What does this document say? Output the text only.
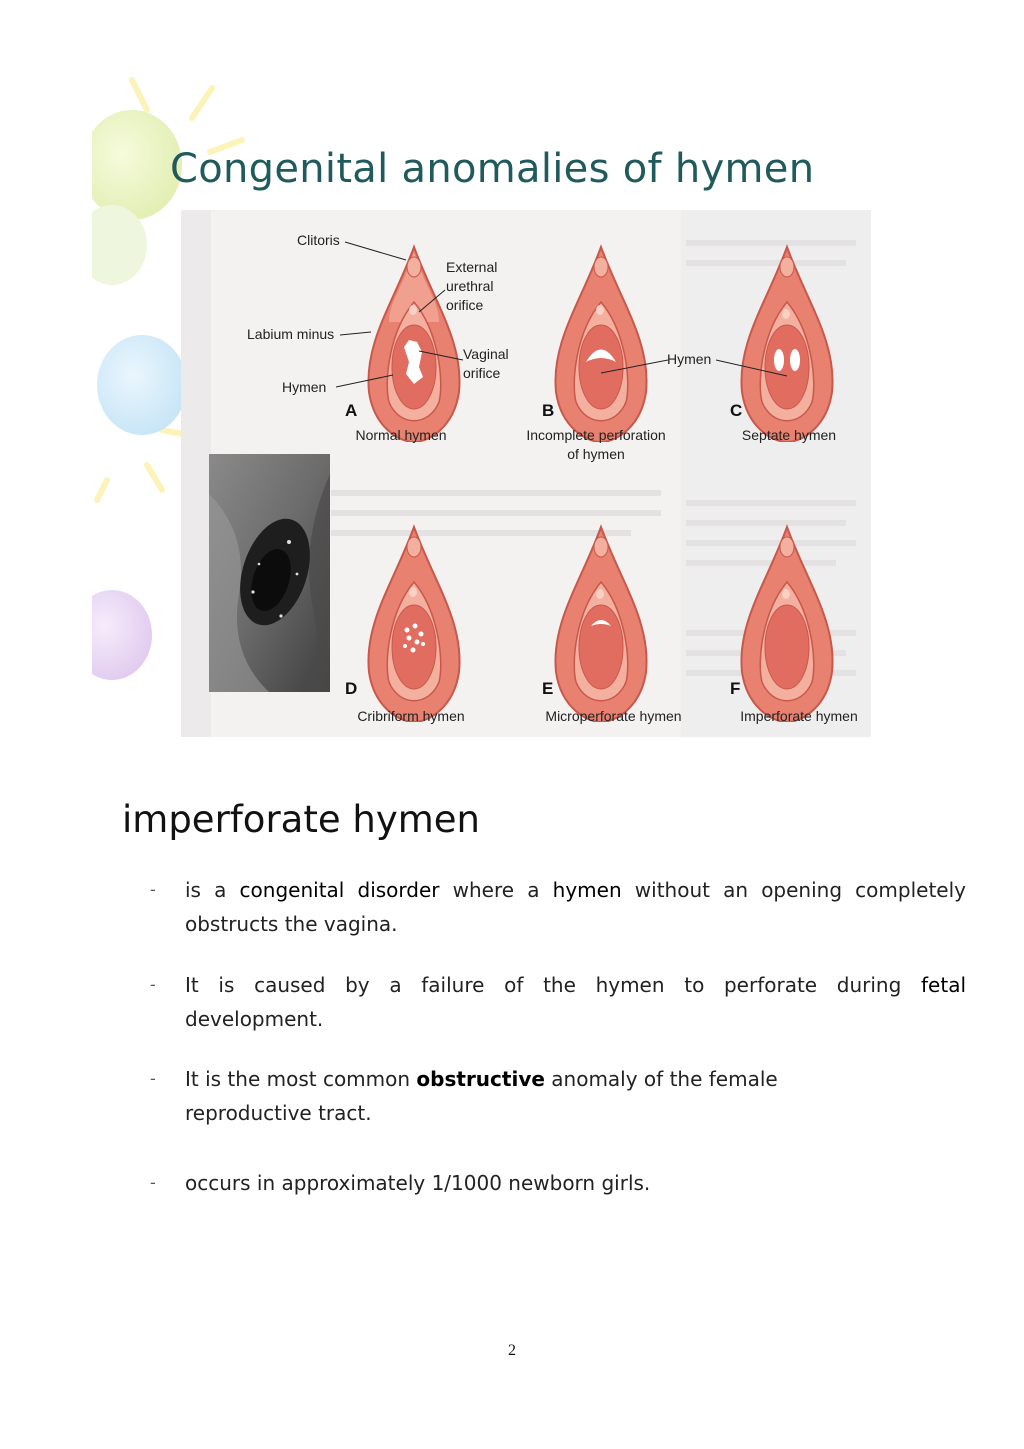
Congenital anomalies of hymen
Clitoris
External
urethral
orifice
Labium minus
Vaginal
orifice
Hymen
Hymen
A	B	C
D	E	F
Normal hymen	Incomplete perforation
of hymen
Septate hymen
Cribriform hymen	Microperforate hymen	Imperforate hymen
imperforate hymen
-	is a congenital disorder where a hymen without an opening completely
obstructs the vagina.
-	It is caused by a failure of the hymen to perforate during fetal
development.
-	It is the most common obstructive anomaly of the female
reproductive tract.
-	occurs in approximately 1/1000 newborn girls.
2
